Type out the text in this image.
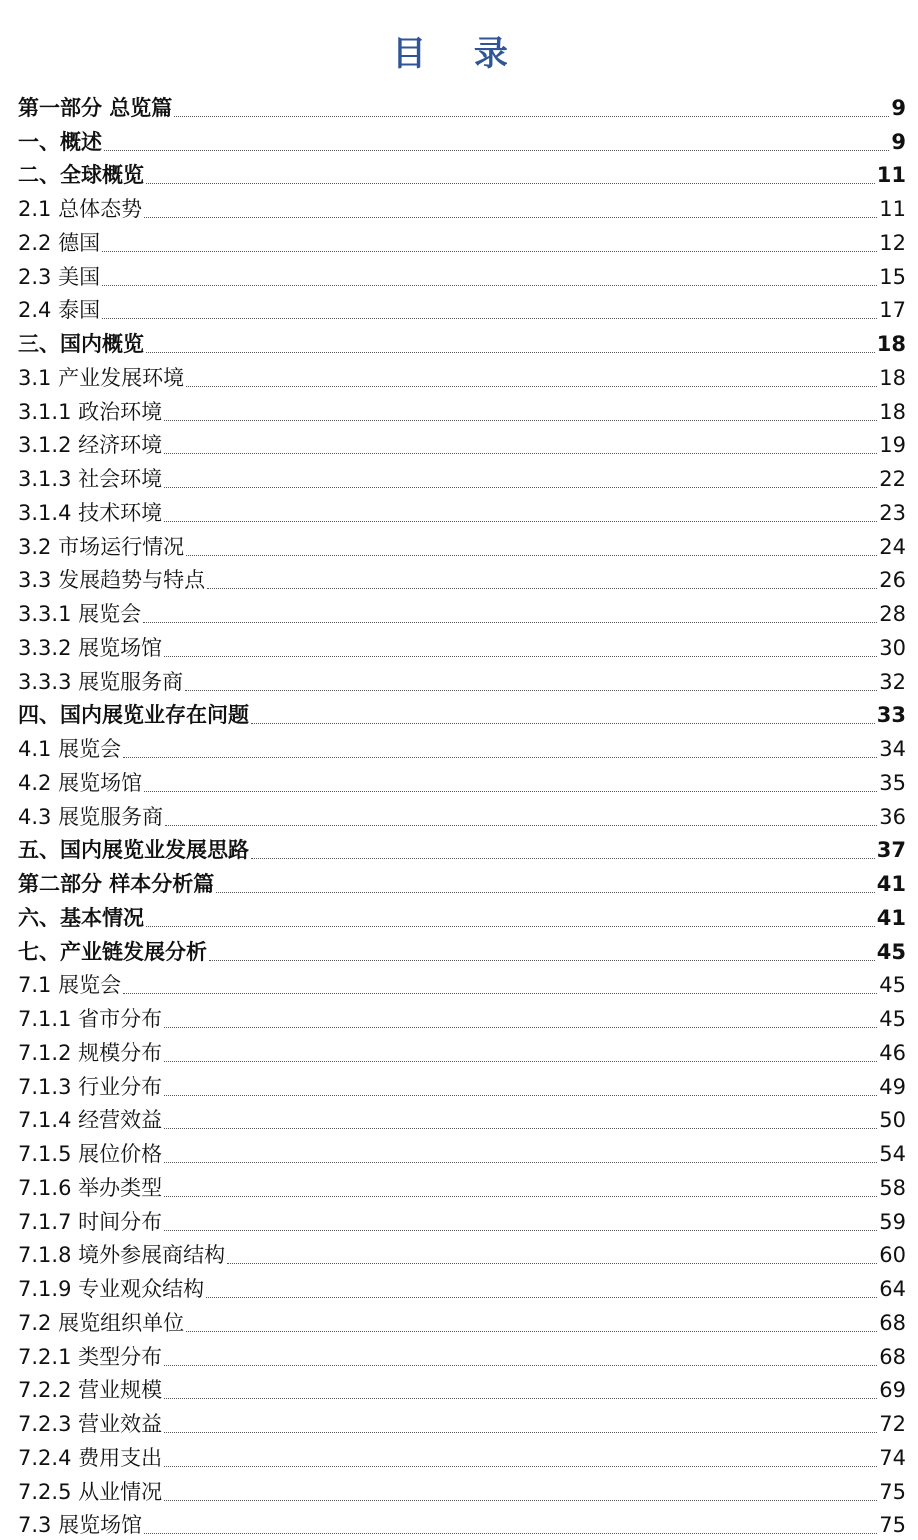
目 录
第一部分 总览篇	9
一、概述	9
二、全球概览	11
2.1 总体态势	11
2.2 德国	12
2.3 美国	15
2.4 泰国	17
三、国内概览	18
3.1 产业发展环境	18
3.1.1 政治环境	18
3.1.2 经济环境	19
3.1.3 社会环境	22
3.1.4 技术环境	23
3.2 市场运行情况	24
3.3 发展趋势与特点	26
3.3.1 展览会	28
3.3.2 展览场馆	30
3.3.3 展览服务商	32
四、国内展览业存在问题	33
4.1 展览会	34
4.2 展览场馆	35
4.3 展览服务商	36
五、国内展览业发展思路	37
第二部分 样本分析篇	41
六、基本情况	41
七、产业链发展分析	45
7.1 展览会	45
7.1.1 省市分布	45
7.1.2 规模分布	46
7.1.3 行业分布	49
7.1.4 经营效益	50
7.1.5 展位价格	54
7.1.6 举办类型	58
7.1.7 时间分布	59
7.1.8 境外参展商结构	60
7.1.9 专业观众结构	64
7.2 展览组织单位	68
7.2.1 类型分布	68
7.2.2 营业规模	69
7.2.3 营业效益	72
7.2.4 费用支出	74
7.2.5 从业情况	75
7.3 展览场馆	75
